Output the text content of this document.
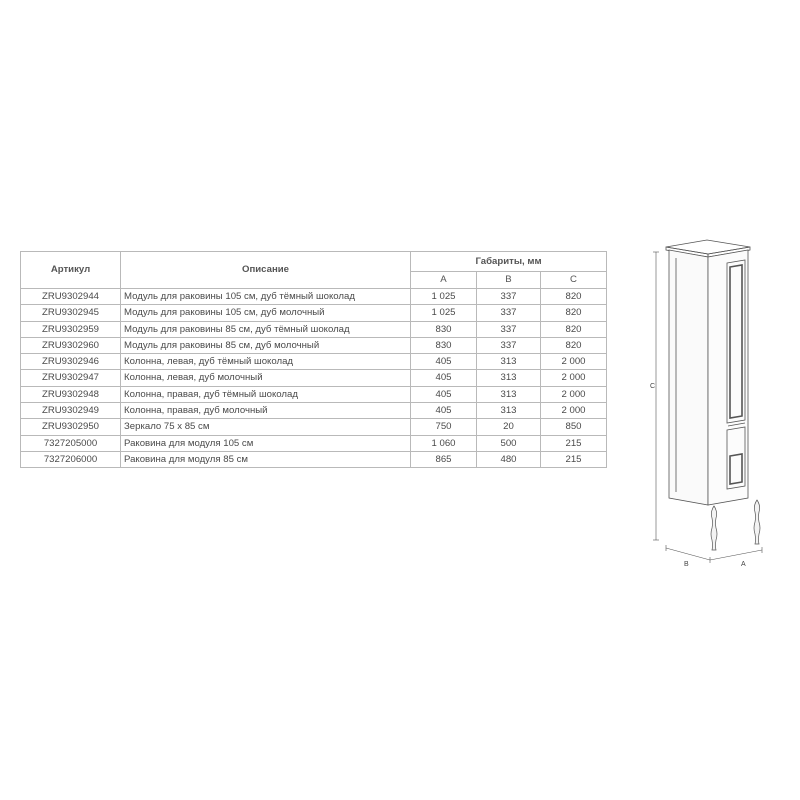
Артикул	Описание	Габариты, мм		
		A	B	C
ZRU9302944	Модуль для раковины 105 см, дуб тёмный шоколад	1 025	337	820
ZRU9302945	Модуль для раковины 105 см, дуб молочный	1 025	337	820
ZRU9302959	Модуль для раковины 85 см, дуб тёмный шоколад	830	337	820
ZRU9302960	Модуль для раковины 85 см, дуб молочный	830	337	820
ZRU9302946	Колонна, левая, дуб тёмный шоколад	405	313	2 000
ZRU9302947	Колонна, левая, дуб молочный	405	313	2 000
ZRU9302948	Колонна, правая, дуб тёмный шоколад	405	313	2 000
ZRU9302949	Колонна, правая, дуб молочный	405	313	2 000
ZRU9302950	Зеркало 75 х 85 см	750	20	850
7327205000	Раковина для модуля 105 см	1 060	500	215
7327206000	Раковина для модуля 85 см	865	480	215
C
B	A
